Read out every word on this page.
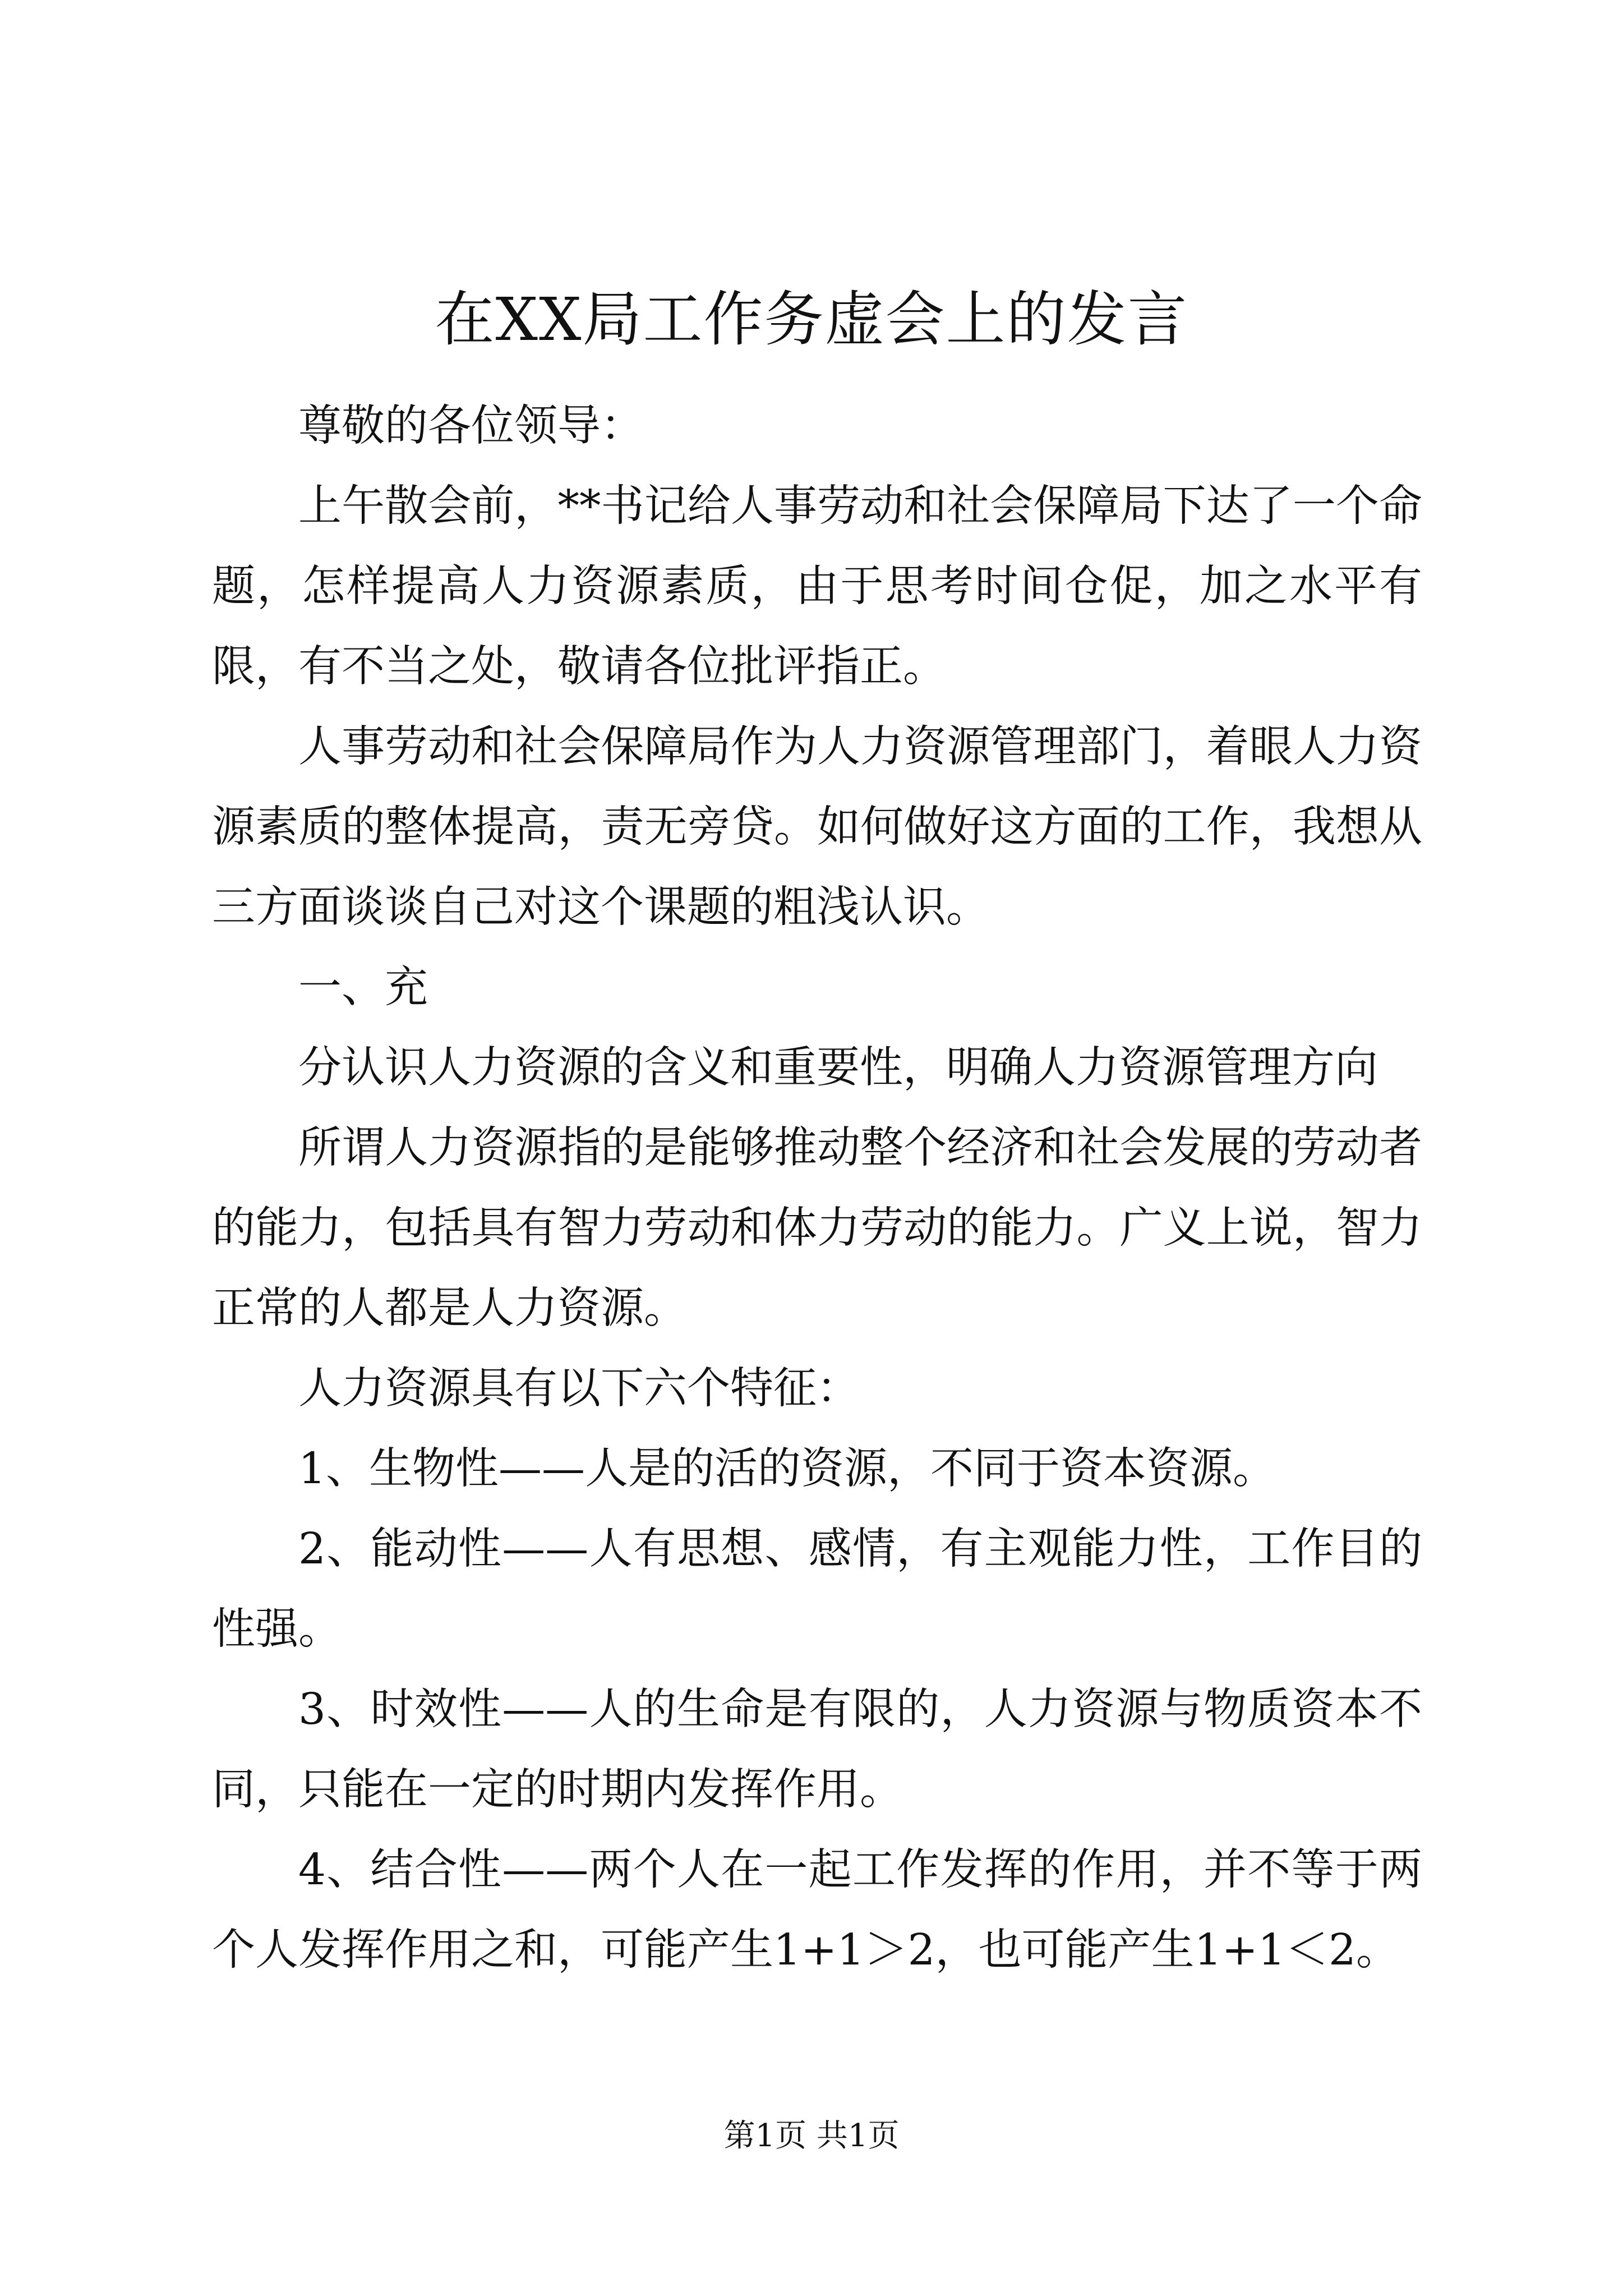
在XX局工作务虚会上的发言

尊敬的各位领导：

上午散会前，**书记给人事劳动和社会保障局下达了一个命题，怎样提高人力资源素质，由于思考时间仓促，加之水平有限，有不当之处，敬请各位批评指正。

人事劳动和社会保障局作为人力资源管理部门，着眼人力资源素质的整体提高，责无旁贷。如何做好这方面的工作，我想从三方面谈谈自己对这个课题的粗浅认识。

一、充

分认识人力资源的含义和重要性，明确人力资源管理方向

所谓人力资源指的是能够推动整个经济和社会发展的劳动者的能力，包括具有智力劳动和体力劳动的能力。广义上说，智力正常的人都是人力资源。

人力资源具有以下六个特征：

1、生物性——人是的活的资源，不同于资本资源。

2、能动性——人有思想、感情，有主观能力性，工作目的性强。

3、时效性——人的生命是有限的，人力资源与物质资本不同，只能在一定的时期内发挥作用。

4、结合性——两个人在一起工作发挥的作用，并不等于两个人发挥作用之和，可能产生1+1＞2，也可能产生1+1＜2。

第1页 共1页
